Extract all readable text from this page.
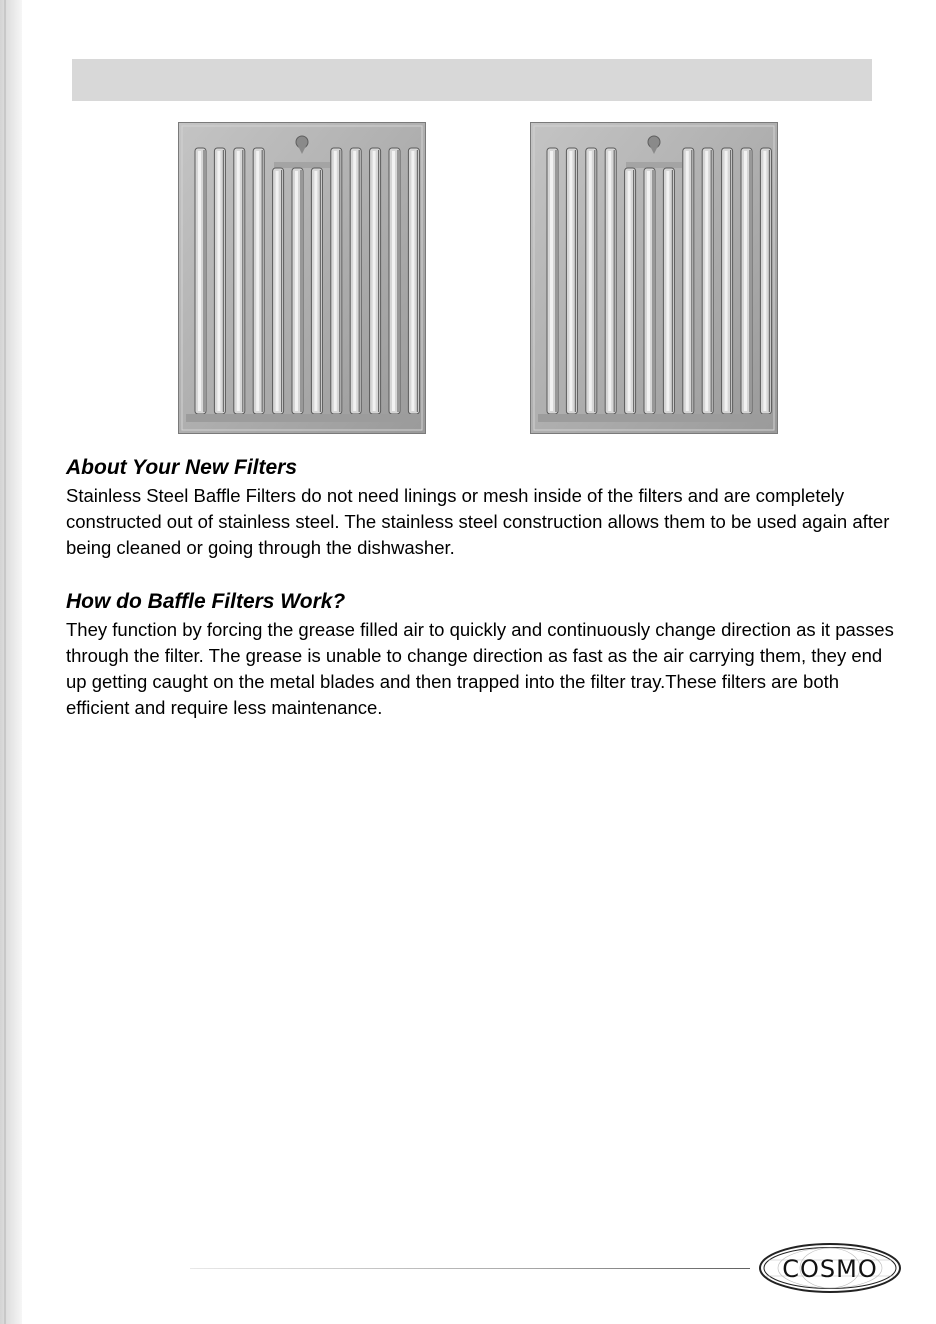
About Your New Filters

Stainless Steel Baffle Filters do not need linings or mesh inside of the filters and are completely constructed out of stainless steel. The stainless steel construction allows them to be used again after being cleaned or going through the dishwasher.

How do Baffle Filters Work?

They function by forcing the grease filled air to quickly and continuously change direction as it passes through the filter. The grease is unable to change direction as fast as the air carrying them, they end up getting caught on the metal blades and then trapped into the filter tray.These filters are both efficient and require less maintenance.

COSMO
